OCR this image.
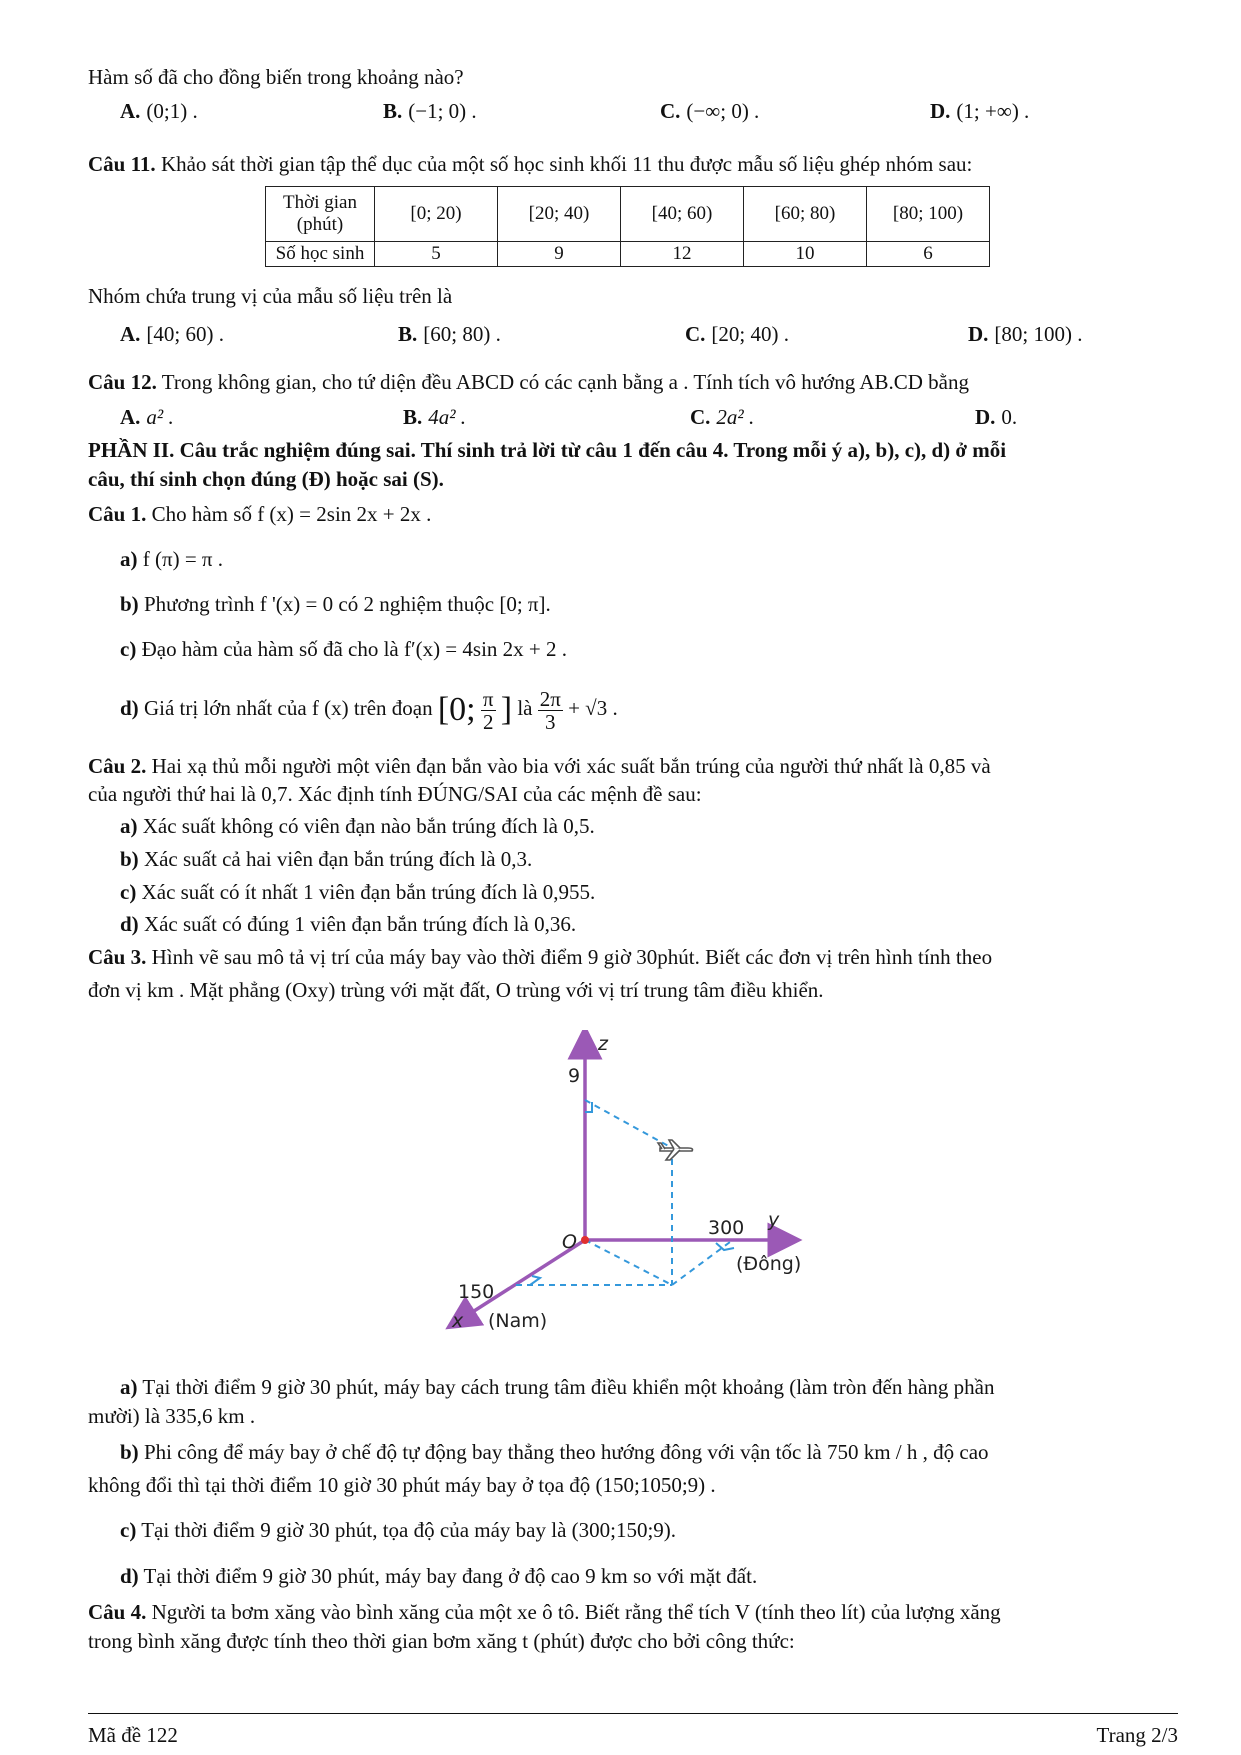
Hàm số đã cho đồng biến trong khoảng nào?
A. (0;1) .	B. (−1; 0) .	C. (−∞; 0) .	D. (1; +∞) .
Câu 11. Khảo sát thời gian tập thể dục của một số học sinh khối 11 thu được mẫu số liệu ghép nhóm sau:
Thời gian
(phút)	[0; 20)	[20; 40)	[40; 60)	[60; 80)	[80; 100)
Số học sinh	5	9	12	10	6
Nhóm chứa trung vị của mẫu số liệu trên là
A. [40; 60) .	B. [60; 80) .	C. [20; 40) .	D. [80; 100) .
Câu 12. Trong không gian, cho tứ diện đều ABCD có các cạnh bằng a . Tính tích vô hướng AB.CD bằng
A. a² .	B. 4a² .	C. 2a² .	D. 0.
PHẦN II. Câu trắc nghiệm đúng sai. Thí sinh trả lời từ câu 1 đến câu 4. Trong mỗi ý a), b), c), d) ở mỗi
câu, thí sinh chọn đúng (Đ) hoặc sai (S).
Câu 1. Cho hàm số f (x) = 2sin 2x + 2x .
a) f (π) = π .
b) Phương trình f '(x) = 0 có 2 nghiệm thuộc [0; π].
c) Đạo hàm của hàm số đã cho là f′(x) = 4sin 2x + 2 .
d) Giá trị lớn nhất của f (x) trên đoạn [0; $\frac{\pi}{2}$ ] là $\frac{2\pi}{3} + √3$ .
Câu 2. Hai xạ thủ mỗi người một viên đạn bắn vào bia với xác suất bắn trúng của người thứ nhất là 0,85 và
của người thứ hai là 0,7. Xác định tính ĐÚNG/SAI của các mệnh đề sau:
a) Xác suất không có viên đạn nào bắn trúng đích là 0,5.
b) Xác suất cả hai viên đạn bắn trúng đích là 0,3.
c) Xác suất có ít nhất 1 viên đạn bắn trúng đích là 0,955.
d) Xác suất có đúng 1 viên đạn bắn trúng đích là 0,36.
Câu 3. Hình vẽ sau mô tả vị trí của máy bay vào thời điểm 9 giờ 30phút. Biết các đơn vị trên hình tính theo
đơn vị km . Mặt phẳng (Oxy) trùng với mặt đất, O trùng với vị trí trung tâm điều khiển.
z
9
O
300 y
(Đông)
150
x (Nam)
a) Tại thời điểm 9 giờ 30 phút, máy bay cách trung tâm điều khiển một khoảng (làm tròn đến hàng phần
mười) là 335,6 km .
b) Phi công để máy bay ở chế độ tự động bay thẳng theo hướng đông với vận tốc là 750 km / h , độ cao
không đổi thì tại thời điểm 10 giờ 30 phút máy bay ở tọa độ (150;1050;9) .
c) Tại thời điểm 9 giờ 30 phút, tọa độ của máy bay là (300;150;9).
d) Tại thời điểm 9 giờ 30 phút, máy bay đang ở độ cao 9 km so với mặt đất.
Câu 4. Người ta bơm xăng vào bình xăng của một xe ô tô. Biết rằng thể tích V (tính theo lít) của lượng xăng
trong bình xăng được tính theo thời gian bơm xăng t (phút) được cho bởi công thức:
Mã đề 122	Trang 2/3
